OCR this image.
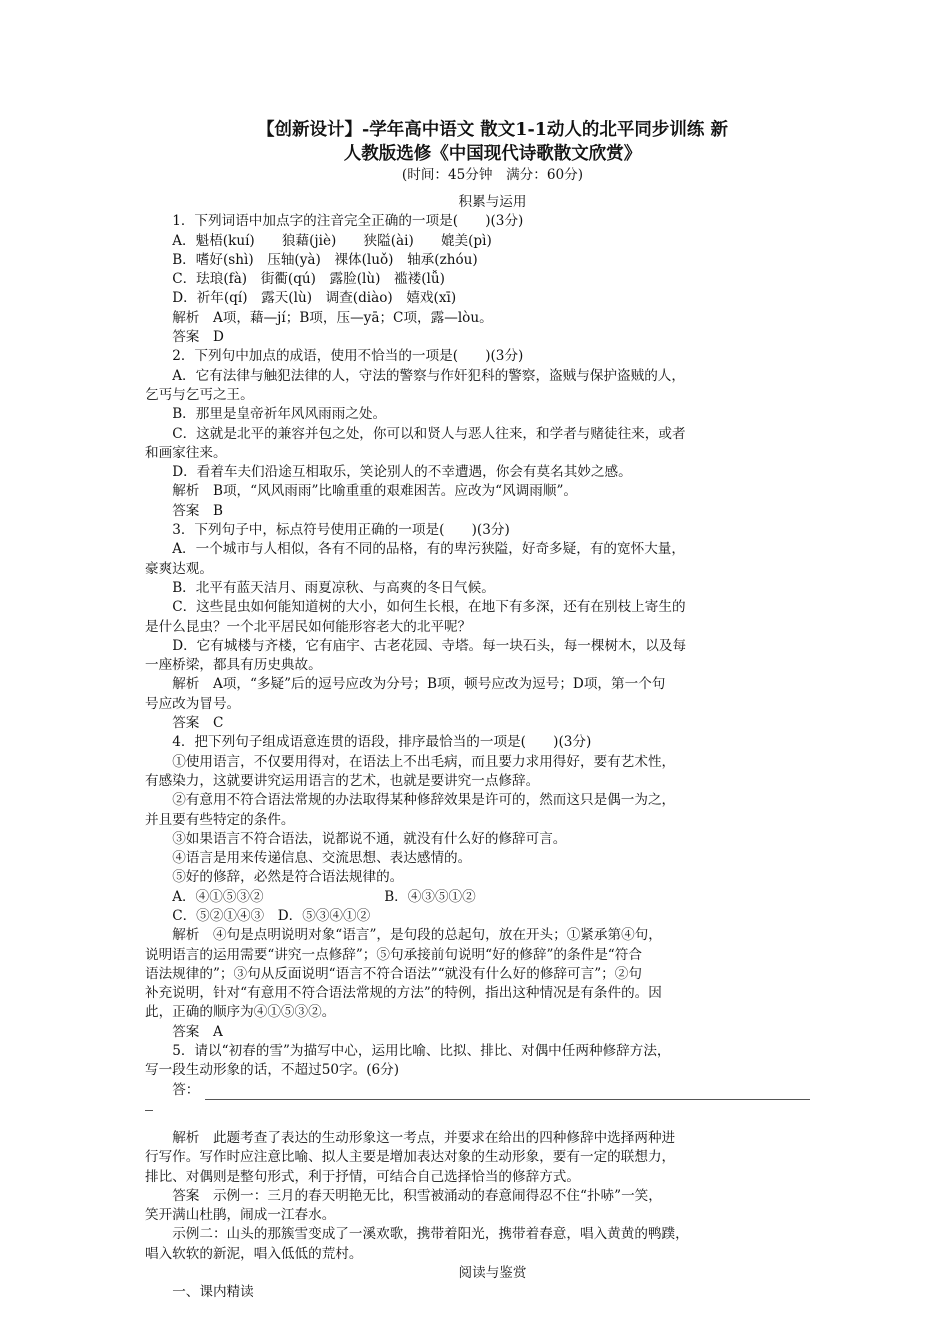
【创新设计】-学年高中语文 散文1-1动人的北平同步训练 新
人教版选修《中国现代诗歌散文欣赏》
(时间：45分钟　满分：60分)
积累与运用

1．下列词语中加点字的注音完全正确的一项是(　　)(3分)

A．魁梧(kuí)　　狼藉(jiè)　　狭隘(ài)　　媲美(pì)

B．嗜好(shì)　压轴(yà)　裸体(luǒ)　轴承(zhóu)

C．珐琅(fà)　街衢(qú)　露脸(lù)　褴褛(lǚ)

D．祈年(qí)　露天(lù)　调查(diào)　嬉戏(xī)

解析　A项，藉—jí；B项，压—yā；C项，露—lòu。

答案　D

2．下列句中加点的成语，使用不恰当的一项是(　　)(3分)

A．它有法律与触犯法律的人，守法的警察与作奸犯科的警察，盗贼与保护盗贼的人，

乞丐与乞丐之王。

B．那里是皇帝祈年风风雨雨之处。

C．这就是北平的兼容并包之处，你可以和贤人与恶人往来，和学者与赌徒往来，或者

和画家往来。

D．看着车夫们沿途互相取乐，笑论别人的不幸遭遇，你会有莫名其妙之感。

解析　B项，“风风雨雨”比喻重重的艰难困苦。应改为“风调雨顺”。

答案　B

3．下列句子中，标点符号使用正确的一项是(　　)(3分)

A．一个城市与人相似，各有不同的品格，有的卑污狭隘，好奇多疑，有的宽怀大量，

豪爽达观。

B．北平有蓝天洁月、雨夏凉秋、与高爽的冬日气候。

C．这些昆虫如何能知道树的大小，如何生长根，在地下有多深，还有在别枝上寄生的

是什么昆虫？一个北平居民如何能形容老大的北平呢？

D．它有城楼与齐楼，它有庙宇、古老花园、寺塔。每一块石头，每一棵树木，以及每

一座桥梁，都具有历史典故。

解析　A项，“多疑”后的逗号应改为分号；B项，顿号应改为逗号；D项，第一个句

号应改为冒号。

答案　C

4．把下列句子组成语意连贯的语段，排序最恰当的一项是(　　)(3分)

①使用语言，不仅要用得对，在语法上不出毛病，而且要力求用得好，要有艺术性，

有感染力，这就要讲究运用语言的艺术，也就是要讲究一点修辞。

②有意用不符合语法常规的办法取得某种修辞效果是许可的，然而这只是偶一为之，

并且要有些特定的条件。

③如果语言不符合语法，说都说不通，就没有什么好的修辞可言。

④语言是用来传递信息、交流思想、表达感情的。

⑤好的修辞，必然是符合语法规律的。

A．④①⑤③②	B．④③⑤①②

C．⑤②①④③　D．⑤③④①②

解析　④句是点明说明对象“语言”，是句段的总起句，放在开头；①紧承第④句，

说明语言的运用需要“讲究一点修辞”；⑤句承接前句说明“好的修辞”的条件是“符合

语法规律的”；③句从反面说明“语言不符合语法”“就没有什么好的修辞可言”；②句

补充说明，针对“有意用不符合语法常规的方法”的特例，指出这种情况是有条件的。因

此，正确的顺序为④①⑤③②。

答案　A

5．请以“初春的雪”为描写中心，运用比喻、比拟、排比、对偶中任两种修辞方法，

写一段生动形象的话，不超过50字。(6分)

答：

解析　此题考查了表达的生动形象这一考点，并要求在给出的四种修辞中选择两种进

行写作。写作时应注意比喻、拟人主要是增加表达对象的生动形象，要有一定的联想力，

排比、对偶则是整句形式，利于抒情，可结合自己选择恰当的修辞方式。

答案　示例一：三月的春天明艳无比，积雪被涌动的春意闹得忍不住“扑哧”一笑，

笑开满山杜鹃，闹成一江春水。

示例二：山头的那簇雪变成了一溪欢歌，携带着阳光，携带着春意，唱入黄黄的鸭蹼，

唱入软软的新泥，唱入低低的荒村。

阅读与鉴赏

一、课内精读
